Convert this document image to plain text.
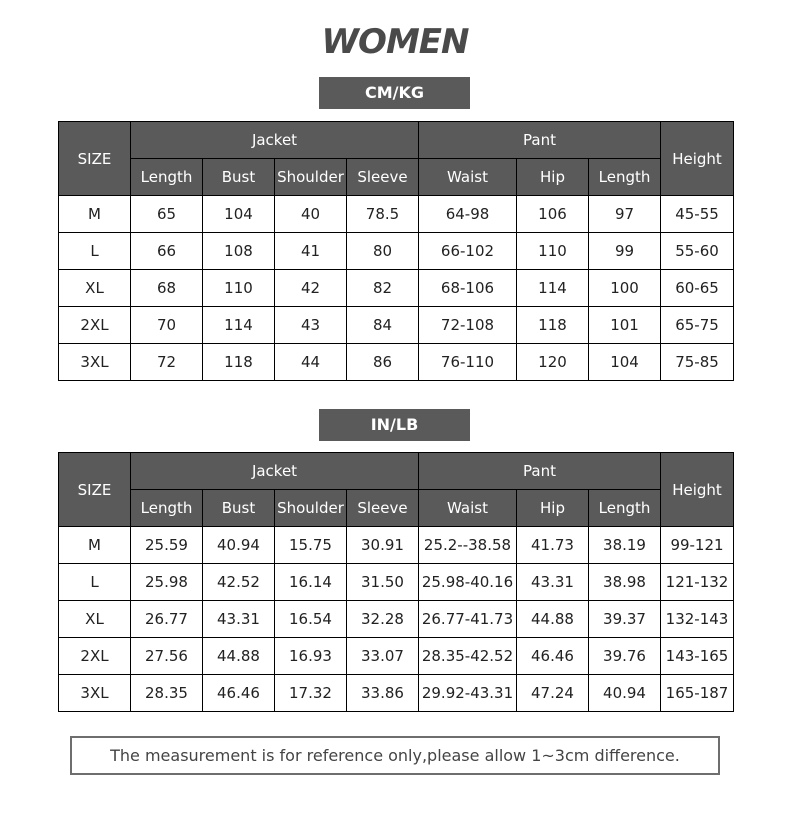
WOMEN
CM/KG
SIZE	Jacket				Pant			Height
	Length	Bust	Shoulder	Sleeve	Waist	Hip	Length	
M	65	104	40	78.5	64-98	106	97	45-55
L	66	108	41	80	66-102	110	99	55-60
XL	68	110	42	82	68-106	114	100	60-65
2XL	70	114	43	84	72-108	118	101	65-75
3XL	72	118	44	86	76-110	120	104	75-85
IN/LB
SIZE	Jacket				Pant			Height
	Length	Bust	Shoulder	Sleeve	Waist	Hip	Length	
M	25.59	40.94	15.75	30.91	25.2--38.58	41.73	38.19	99-121
L	25.98	42.52	16.14	31.50	25.98-40.16	43.31	38.98	121-132
XL	26.77	43.31	16.54	32.28	26.77-41.73	44.88	39.37	132-143
2XL	27.56	44.88	16.93	33.07	28.35-42.52	46.46	39.76	143-165
3XL	28.35	46.46	17.32	33.86	29.92-43.31	47.24	40.94	165-187
The measurement is for reference only,please allow 1~3cm difference.
